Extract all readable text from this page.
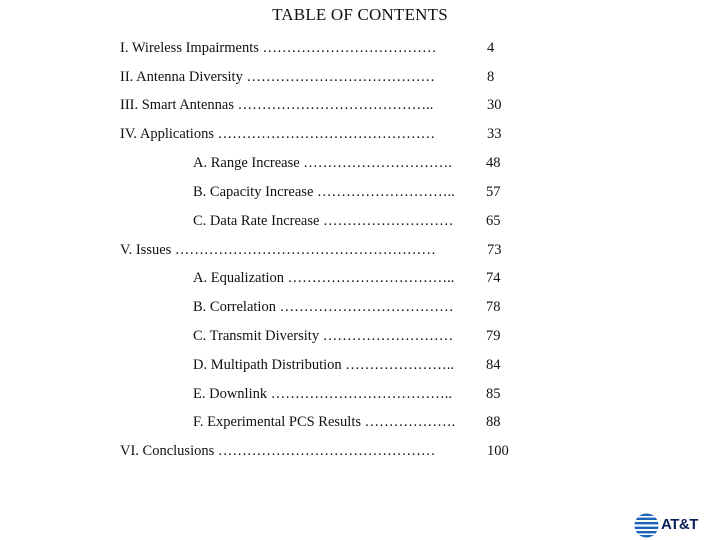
TABLE OF CONTENTS
I. Wireless Impairments ………………………………	4
II. Antenna Diversity …………………………………	8
III. Smart Antennas …………………………………..	30
IV. Applications ………………………………………	33
A. Range Increase …………………………. 48
B. Capacity Increase ……………………….. 57
C. Data Rate Increase ……………………… 65
V. Issues ………………………………………………	73
A. Equalization …………………………….. 74
B. Correlation ……………………………… 78
C. Transmit Diversity ……………………… 79
D. Multipath Distribution ………………….. 84
E. Downlink ……………………………….. 85
F. Experimental PCS Results ………………. 88
VI. Conclusions ………………………………………	100
AT&T
